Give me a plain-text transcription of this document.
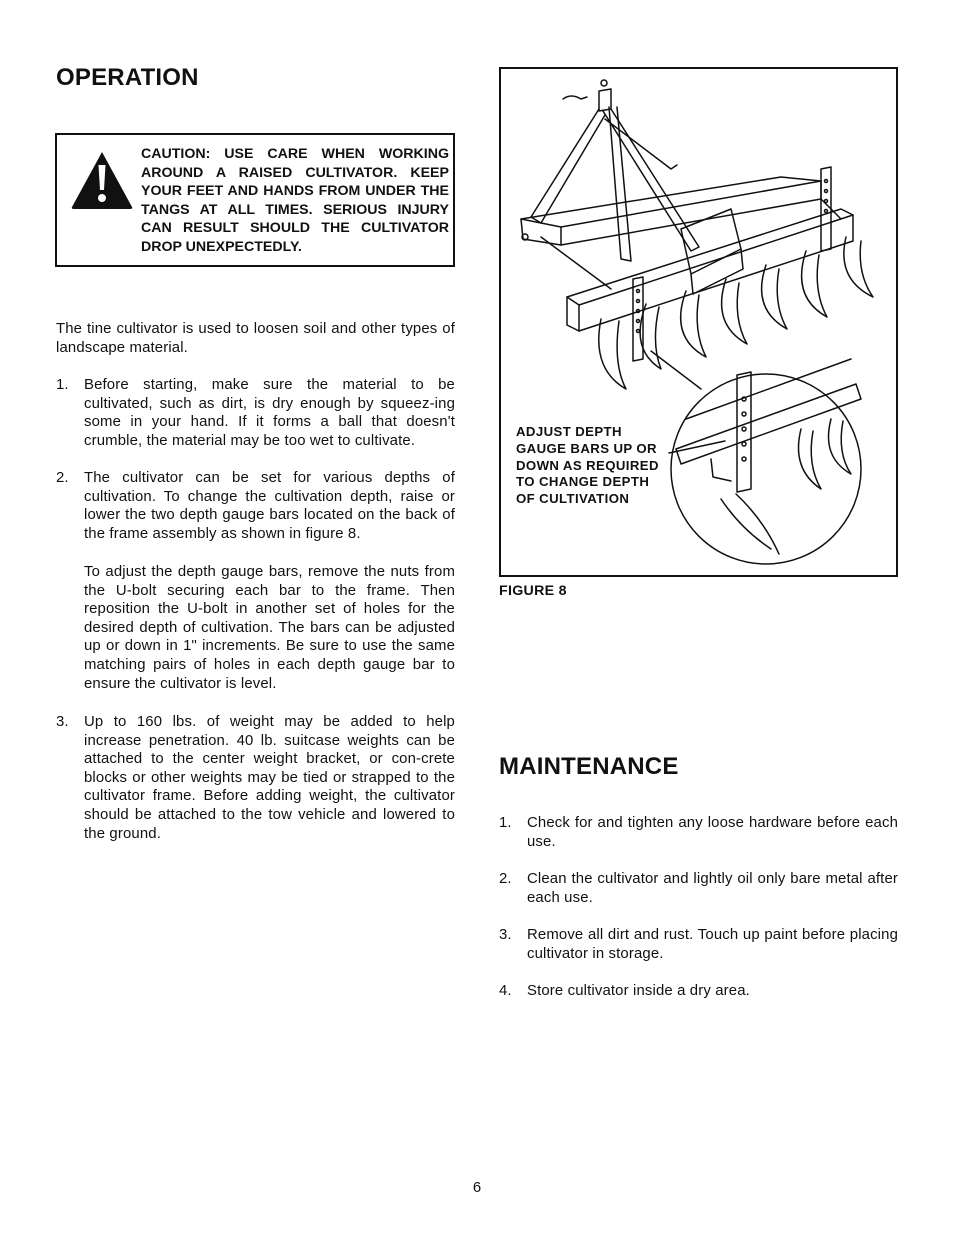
OPERATION
CAUTION: USE CARE WHEN WORKING AROUND A RAISED CULTIVATOR. KEEP YOUR FEET AND HANDS FROM UNDER THE TANGS AT ALL TIMES. SERIOUS INJURY CAN RESULT SHOULD THE CULTIVATOR DROP UNEXPECTEDLY.
The tine cultivator is used to loosen soil and other types of landscape material.
1. Before starting, make sure the material to be cultivated, such as dirt, is dry enough by squeez-ing some in your hand. If it forms a ball that doesn't crumble, the material may be too wet to cultivate.
2. The cultivator can be set for various depths of cultivation. To change the cultivation depth, raise or lower the two depth gauge bars located on the back of the frame assembly as shown in figure 8.
To adjust the depth gauge bars, remove the nuts from the U-bolt securing each bar to the frame. Then reposition the U-bolt in another set of holes for the desired depth of cultivation. The bars can be adjusted up or down in 1" increments. Be sure to use the same matching pairs of holes in each depth gauge bar to ensure the cultivator is level.
3. Up to 160 lbs. of weight may be added to help increase penetration. 40 lb. suitcase weights can be attached to the center weight bracket, or con-crete blocks or other weights may be tied or strapped to the cultivator frame. Before adding weight, the cultivator should be attached to the tow vehicle and lowered to the ground.
ADJUST DEPTH GAUGE BARS UP OR DOWN AS REQUIRED TO CHANGE DEPTH OF CULTIVATION
FIGURE 8
MAINTENANCE
1. Check for and tighten any loose hardware before each use.
2. Clean the cultivator and lightly oil only bare metal after each use.
3. Remove all dirt and rust. Touch up paint before placing cultivator in storage.
4. Store cultivator inside a dry area.
6
